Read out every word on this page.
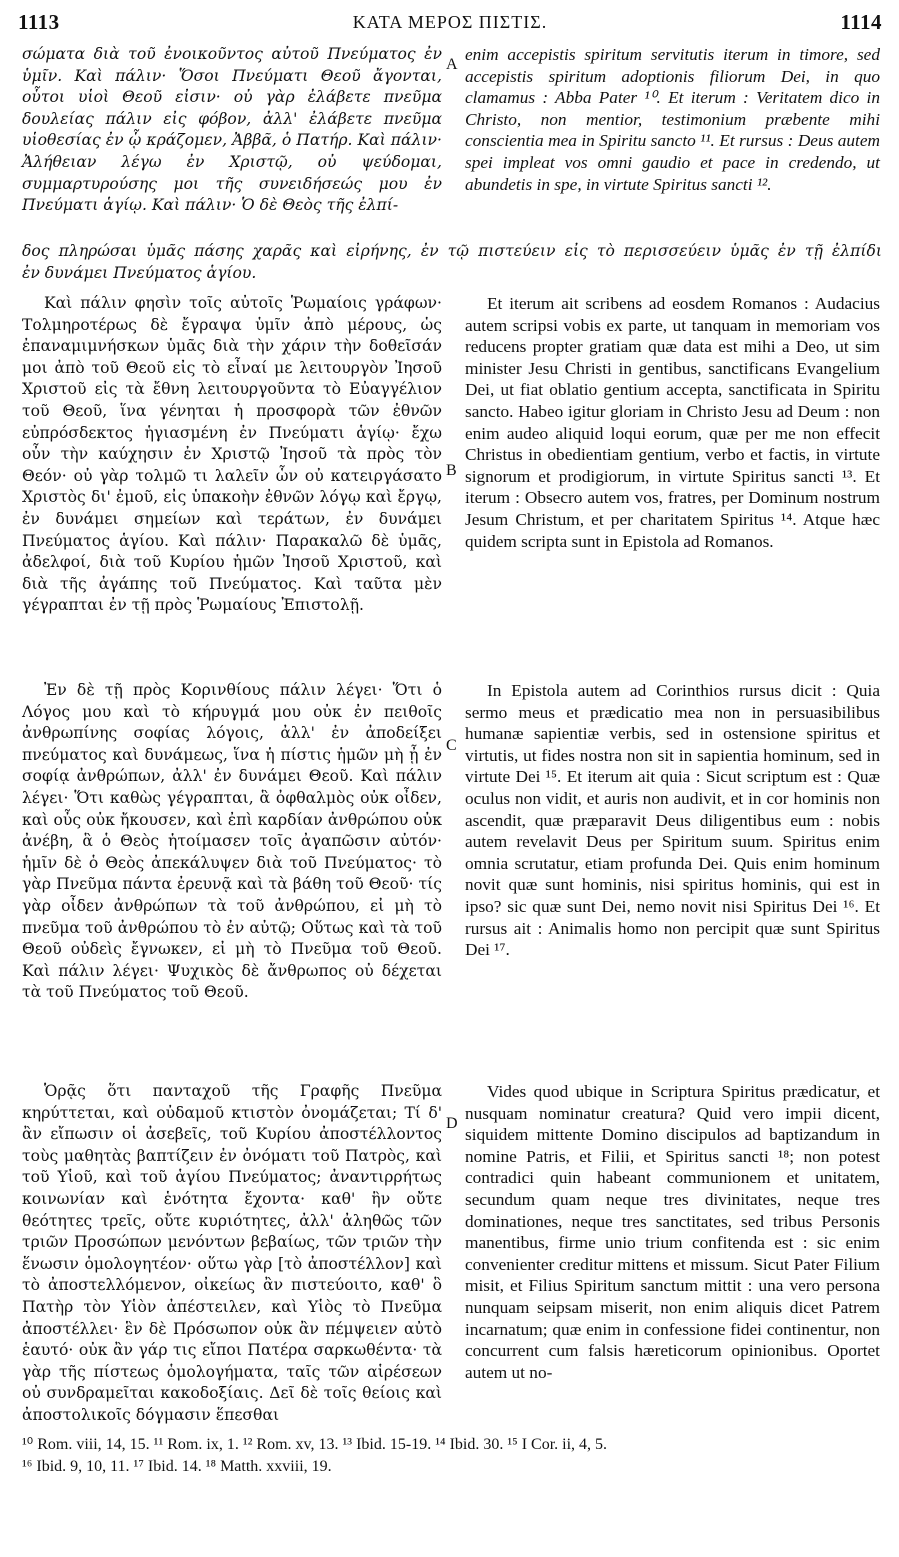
1113	ΚΑΤΑ ΜΕΡΟΣ ΠΙΣΤΙΣ.	1114
σώματα διὰ τοῦ ἐνοικοῦντος αὐτοῦ Πνεύματος ἐν ὑμῖν. Καὶ πάλιν· Ὅσοι Πνεύματι Θεοῦ ἄγονται, οὗτοι υἱοὶ Θεοῦ εἰσιν· οὐ γὰρ ἐλάβετε πνεῦμα δουλείας πάλιν εἰς φόβον, ἀλλ' ἐλάβετε πνεῦμα υἱοθεσίας ἐν ᾧ κράζομεν, Ἀββᾶ, ὁ Πατήρ. Καὶ πάλιν· Ἀλήθειαν λέγω ἐν Χριστῷ, οὐ ψεύδομαι, συμμαρτυρούσης μοι τῆς συνειδήσεώς μου ἐν Πνεύματι ἁγίῳ. Καὶ πάλιν· Ὁ δὲ Θεὸς τῆς ἐλπί-
enim accepistis spiritum servitutis iterum in timore, sed accepistis spiritum adoptionis filiorum Dei, in quo clamamus : Abba Pater ¹⁰. Et iterum : Veritatem dico in Christo, non mentior, testimonium præbente mihi conscientia mea in Spiritu sancto ¹¹. Et rursus : Deus autem spei impleat vos omni gaudio et pace in credendo, ut abundetis in spe, in virtute Spiritus sancti ¹².
A
δος πληρώσαι ὑμᾶς πάσης χαρᾶς καὶ εἰρήνης, ἐν τῷ πιστεύειν εἰς τὸ περισσεύειν ὑμᾶς ἐν τῇ ἐλπίδι
ἐν δυνάμει Πνεύματος ἁγίου.
Καὶ πάλιν φησὶν τοῖς αὐτοῖς Ῥωμαίοις γράφων· Τολμηροτέρως δὲ ἔγραψα ὑμῖν ἀπὸ μέρους, ὡς ἐπαναμιμνήσκων ὑμᾶς διὰ τὴν χάριν τὴν δοθεῖσάν μοι ἀπὸ τοῦ Θεοῦ εἰς τὸ εἶναί με λειτουργὸν Ἰησοῦ Χριστοῦ εἰς τὰ ἔθνη λειτουργοῦντα τὸ Εὐαγγέλιον τοῦ Θεοῦ, ἵνα γένηται ἡ προσφορὰ τῶν ἐθνῶν εὐπρόσδεκτος ἡγιασμένη ἐν Πνεύματι ἁγίῳ· ἔχω οὖν τὴν καύχησιν ἐν Χριστῷ Ἰησοῦ τὰ πρὸς τὸν Θεόν· οὐ γὰρ τολμῶ τι λαλεῖν ὧν οὐ κατειργάσατο Χριστὸς δι' ἐμοῦ, εἰς ὑπακοὴν ἐθνῶν λόγῳ καὶ ἔργῳ, ἐν δυνάμει σημείων καὶ τεράτων, ἐν δυνάμει Πνεύματος ἁγίου. Καὶ πάλιν· Παρακαλῶ δὲ ὑμᾶς, ἀδελφοί, διὰ τοῦ Κυρίου ἡμῶν Ἰησοῦ Χριστοῦ, καὶ διὰ τῆς ἀγάπης τοῦ Πνεύματος. Καὶ ταῦτα μὲν γέγραπται ἐν τῇ πρὸς Ῥωμαίους Ἐπιστολῇ.
Et iterum ait scribens ad eosdem Romanos : Audacius autem scripsi vobis ex parte, ut tanquam in memoriam vos reducens propter gratiam quæ data est mihi a Deo, ut sim minister Jesu Christi in gentibus, sanctificans Evangelium Dei, ut fiat oblatio gentium accepta, sanctificata in Spiritu sancto. Habeo igitur gloriam in Christo Jesu ad Deum : non enim audeo aliquid loqui eorum, quæ per me non effecit Christus in obedientiam gentium, verbo et factis, in virtute signorum et prodigiorum, in virtute Spiritus sancti ¹³. Et iterum : Obsecro autem vos, fratres, per Dominum nostrum Jesum Christum, et per charitatem Spiritus ¹⁴. Atque hæc quidem scripta sunt in Epistola ad Romanos.
B
Ἐν δὲ τῇ πρὸς Κορινθίους πάλιν λέγει· Ὅτι ὁ Λόγος μου καὶ τὸ κήρυγμά μου οὐκ ἐν πειθοῖς ἀνθρωπίνης σοφίας λόγοις, ἀλλ' ἐν ἀποδείξει πνεύματος καὶ δυνάμεως, ἵνα ἡ πίστις ἡμῶν μὴ ᾖ ἐν σοφίᾳ ἀνθρώπων, ἀλλ' ἐν δυνάμει Θεοῦ. Καὶ πάλιν λέγει· Ὅτι καθὼς γέγραπται, ἃ ὀφθαλμὸς οὐκ οἶδεν, καὶ οὖς οὐκ ἤκουσεν, καὶ ἐπὶ καρδίαν ἀνθρώπου οὐκ ἀνέβη, ἃ ὁ Θεὸς ἡτοίμασεν τοῖς ἀγαπῶσιν αὐτόν· ἡμῖν δὲ ὁ Θεὸς ἀπεκάλυψεν διὰ τοῦ Πνεύματος· τὸ γὰρ Πνεῦμα πάντα ἐρευνᾷ καὶ τὰ βάθη τοῦ Θεοῦ· τίς γὰρ οἶδεν ἀνθρώπων τὰ τοῦ ἀνθρώπου, εἰ μὴ τὸ πνεῦμα τοῦ ἀνθρώπου τὸ ἐν αὐτῷ; Οὕτως καὶ τὰ τοῦ Θεοῦ οὐδεὶς ἔγνωκεν, εἰ μὴ τὸ Πνεῦμα τοῦ Θεοῦ. Καὶ πάλιν λέγει· Ψυχικὸς δὲ ἄνθρωπος οὐ δέχεται τὰ τοῦ Πνεύματος τοῦ Θεοῦ.
In Epistola autem ad Corinthios rursus dicit : Quia sermo meus et prædicatio mea non in persuasibilibus humanæ sapientiæ verbis, sed in ostensione spiritus et virtutis, ut fides nostra non sit in sapientia hominum, sed in virtute Dei ¹⁵. Et iterum ait quia : Sicut scriptum est : Quæ oculus non vidit, et auris non audivit, et in cor hominis non ascendit, quæ præparavit Deus diligentibus eum : nobis autem revelavit Deus per Spiritum suum. Spiritus enim omnia scrutatur, etiam profunda Dei. Quis enim hominum novit quæ sunt hominis, nisi spiritus hominis, qui est in ipso? sic quæ sunt Dei, nemo novit nisi Spiritus Dei ¹⁶. Et rursus ait : Animalis homo non percipit quæ sunt Spiritus Dei ¹⁷.
C
Ὁρᾷς ὅτι πανταχοῦ τῆς Γραφῆς Πνεῦμα κηρύττεται, καὶ οὐδαμοῦ κτιστὸν ὀνομάζεται; Τί δ' ἂν εἴπωσιν οἱ ἀσεβεῖς, τοῦ Κυρίου ἀποστέλλοντος τοὺς μαθητὰς βαπτίζειν ἐν ὀνόματι τοῦ Πατρὸς, καὶ τοῦ Υἱοῦ, καὶ τοῦ ἁγίου Πνεύματος; ἀναντιρρήτως κοινωνίαν καὶ ἑνότητα ἔχοντα· καθ' ἣν οὔτε θεότητες τρεῖς, οὔτε κυριότητες, ἀλλ' ἀληθῶς τῶν τριῶν Προσώπων μενόντων βεβαίως, τῶν τριῶν τὴν ἕνωσιν ὁμολογητέον· οὕτω γὰρ [τὸ ἀποστέλλον] καὶ τὸ ἀποστελλόμενον, οἰκείως ἂν πιστεύοιτο, καθ' ὃ Πατὴρ τὸν Υἱὸν ἀπέστειλεν, καὶ Υἱὸς τὸ Πνεῦμα ἀποστέλλει· ἓν δὲ Πρόσωπον οὐκ ἂν πέμψειεν αὐτὸ ἑαυτό· οὐκ ἂν γάρ τις εἴποι Πατέρα σαρκωθέντα· τὰ γὰρ τῆς πίστεως ὁμολογήματα, ταῖς τῶν αἱρέσεων οὐ συνδραμεῖται κακοδοξίαις. Δεῖ δὲ τοῖς θείοις καὶ ἀποστολικοῖς δόγμασιν ἕπεσθαι
Vides quod ubique in Scriptura Spiritus prædicatur, et nusquam nominatur creatura? Quid vero impii dicent, siquidem mittente Domino discipulos ad baptizandum in nomine Patris, et Filii, et Spiritus sancti ¹⁸; non potest contradici quin habeant communionem et unitatem, secundum quam neque tres divinitates, neque tres dominationes, neque tres sanctitates, sed tribus Personis manentibus, firme unio trium confitenda est : sic enim convenienter creditur mittens et missum. Sicut Pater Filium misit, et Filius Spiritum sanctum mittit : una vero persona nunquam seipsam miserit, non enim aliquis dicet Patrem incarnatum; quæ enim in confessione fidei continentur, non concurrent cum falsis hæreticorum opinionibus. Oportet autem ut no-
D
¹⁰ Rom. viii, 14, 15. ¹¹ Rom. ix, 1. ¹² Rom. xv, 13. ¹³ Ibid. 15-19. ¹⁴ Ibid. 30. ¹⁵ I Cor. ii, 4, 5.
¹⁶ Ibid. 9, 10, 11. ¹⁷ Ibid. 14. ¹⁸ Matth. xxviii, 19.
